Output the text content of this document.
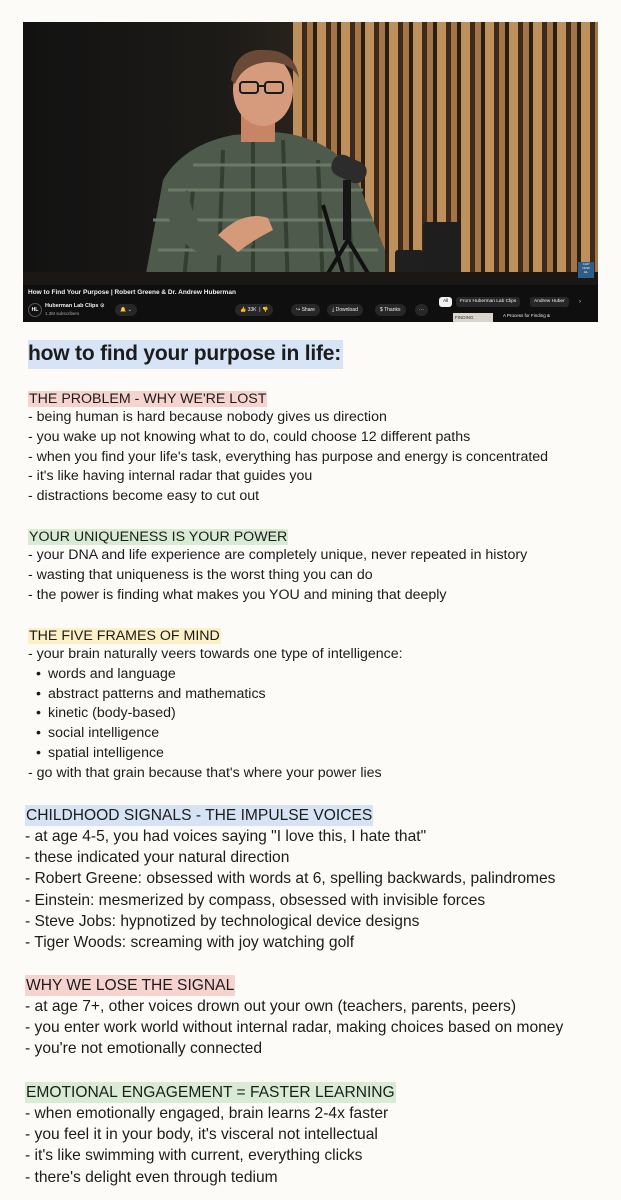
CLIP
NOW
HL
How to Find Your Purpose | Robert Greene & Dr. Andrew Huberman
HL
Huberman Lab Clips ⊙
1.3M subscribers
🔔 ⌄	👍 33K  | 👎	↪ Share	⤓ Download	$ Thanks	···
All	From Huberman Lab Clips	Andrew Huber	›
FINDING	A Process for Finding &
how to find your purpose in life:
THE PROBLEM - WHY WE'RE LOST
- being human is hard because nobody gives us direction
- you wake up not knowing what to do, could choose 12 different paths
- when you find your life's task, everything has purpose and energy is concentrated
- it's like having internal radar that guides you
- distractions become easy to cut out
YOUR UNIQUENESS IS YOUR POWER
- your DNA and life experience are completely unique, never repeated in history
- wasting that uniqueness is the worst thing you can do
- the power is finding what makes you YOU and mining that deeply
THE FIVE FRAMES OF MIND
- your brain naturally veers towards one type of intelligence:
• words and language
• abstract patterns and mathematics
• kinetic (body-based)
• social intelligence
• spatial intelligence
- go with that grain because that's where your power lies
CHILDHOOD SIGNALS - THE IMPULSE VOICES
- at age 4-5, you had voices saying "I love this, I hate that"
- these indicated your natural direction
- Robert Greene: obsessed with words at 6, spelling backwards, palindromes
- Einstein: mesmerized by compass, obsessed with invisible forces
- Steve Jobs: hypnotized by technological device designs
- Tiger Woods: screaming with joy watching golf
WHY WE LOSE THE SIGNAL
- at age 7+, other voices drown out your own (teachers, parents, peers)
- you enter work world without internal radar, making choices based on money
- you're not emotionally connected
EMOTIONAL ENGAGEMENT = FASTER LEARNING
- when emotionally engaged, brain learns 2-4x faster
- you feel it in your body, it's visceral not intellectual
- it's like swimming with current, everything clicks
- there's delight even through tedium
